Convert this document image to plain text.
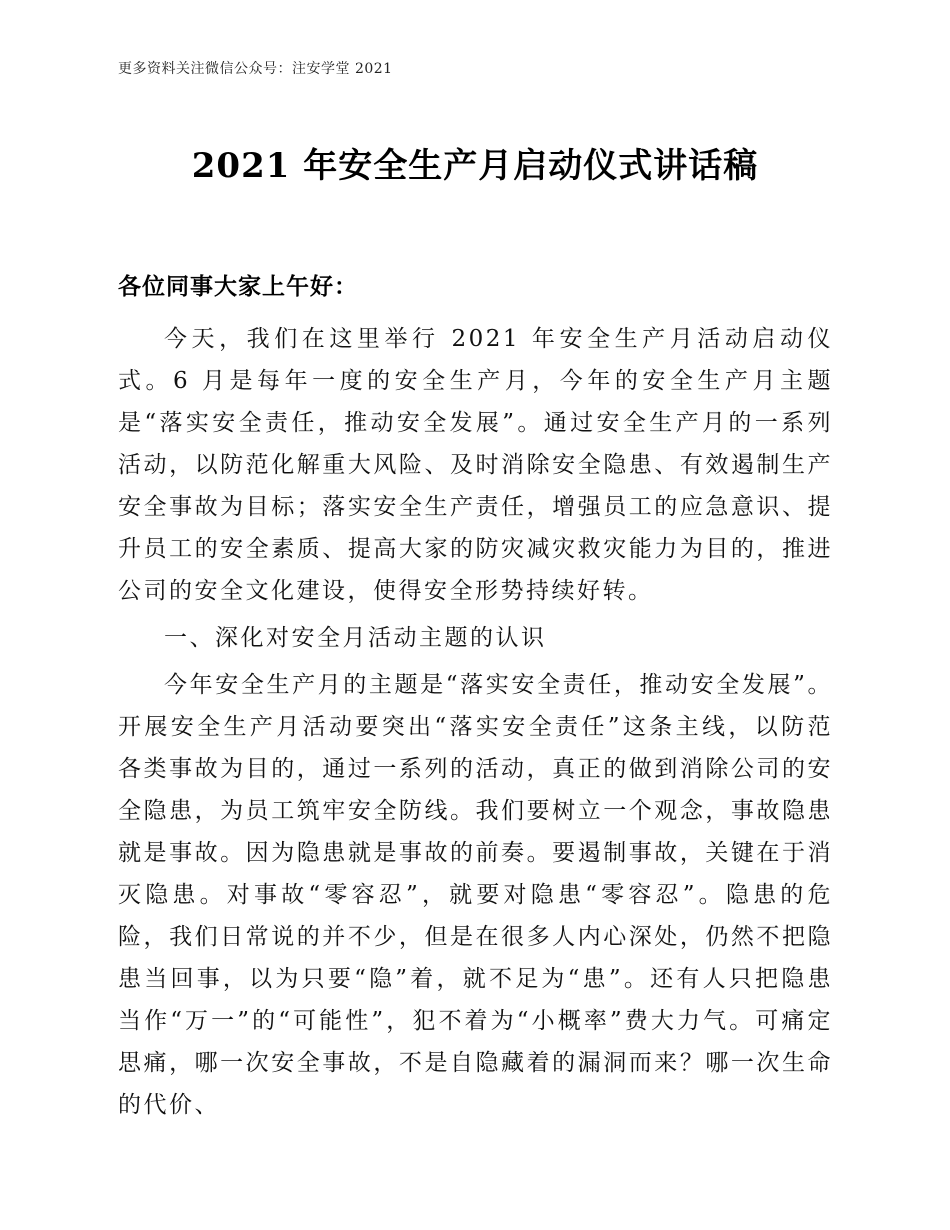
更多资料关注微信公众号：注安学堂 2021
2021 年安全生产月启动仪式讲话稿
各位同事大家上午好：

今天，我们在这里举行 2021 年安全生产月活动启动仪式。6 月是每年一度的安全生产月，今年的安全生产月主题是“落实安全责任，推动安全发展”。通过安全生产月的一系列活动，以防范化解重大风险、及时消除安全隐患、有效遏制生产安全事故为目标；落实安全生产责任，增强员工的应急意识、提升员工的安全素质、提高大家的防灾减灾救灾能力为目的，推进公司的安全文化建设，使得安全形势持续好转。

一、深化对安全月活动主题的认识

今年安全生产月的主题是“落实安全责任，推动安全发展”。开展安全生产月活动要突出“落实安全责任”这条主线，以防范各类事故为目的，通过一系列的活动，真正的做到消除公司的安全隐患，为员工筑牢安全防线。我们要树立一个观念，事故隐患就是事故。因为隐患就是事故的前奏。要遏制事故，关键在于消灭隐患。对事故“零容忍”，就要对隐患“零容忍”。隐患的危险，我们日常说的并不少，但是在很多人内心深处，仍然不把隐患当回事，以为只要“隐”着，就不足为“患”。还有人只把隐患当作“万一”的“可能性”，犯不着为“小概率”费大力气。可痛定思痛，哪一次安全事故，不是自隐藏着的漏洞而来？哪一次生命的代价、
